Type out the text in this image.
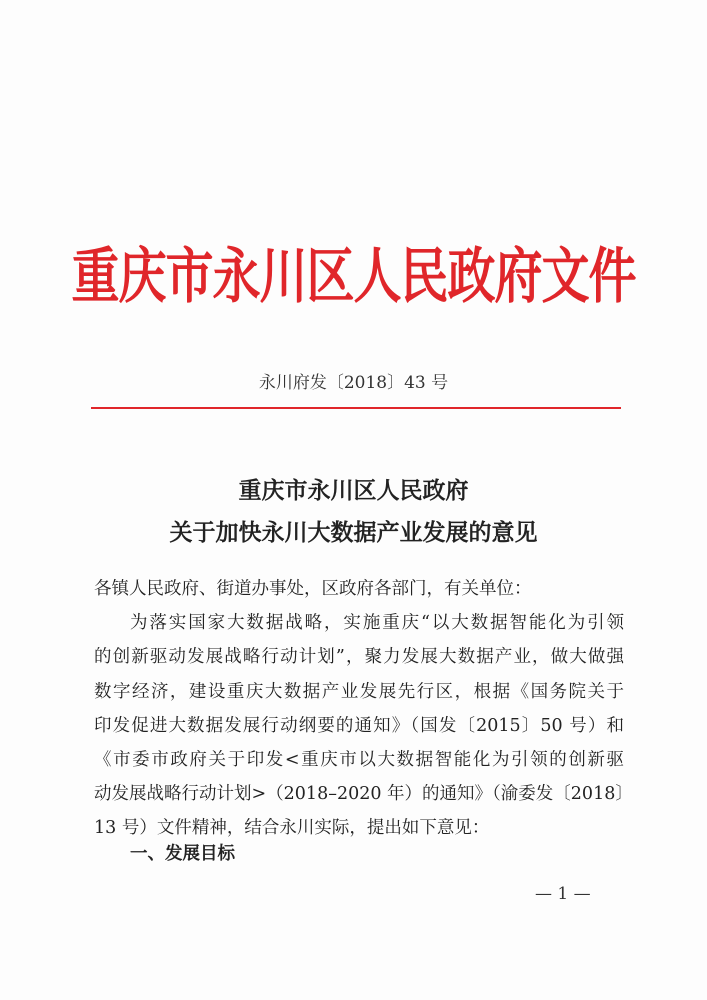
重庆市永川区人民政府文件
永川府发〔2018〕43 号
重庆市永川区人民政府
关于加快永川大数据产业发展的意见
各镇人民政府、街道办事处，区政府各部门，有关单位：
为落实国家大数据战略，实施重庆“以大数据智能化为引领
的创新驱动发展战略行动计划”，聚力发展大数据产业，做大做强
数字经济，建设重庆大数据产业发展先行区，根据《国务院关于
印发促进大数据发展行动纲要的通知》（国发〔2015〕50 号）和
《市委市政府关于印发<重庆市以大数据智能化为引领的创新驱
动发展战略行动计划>（2018–2020 年）的通知》（渝委发〔2018〕
13 号）文件精神，结合永川实际，提出如下意见：
一、发展目标
— 1 —
